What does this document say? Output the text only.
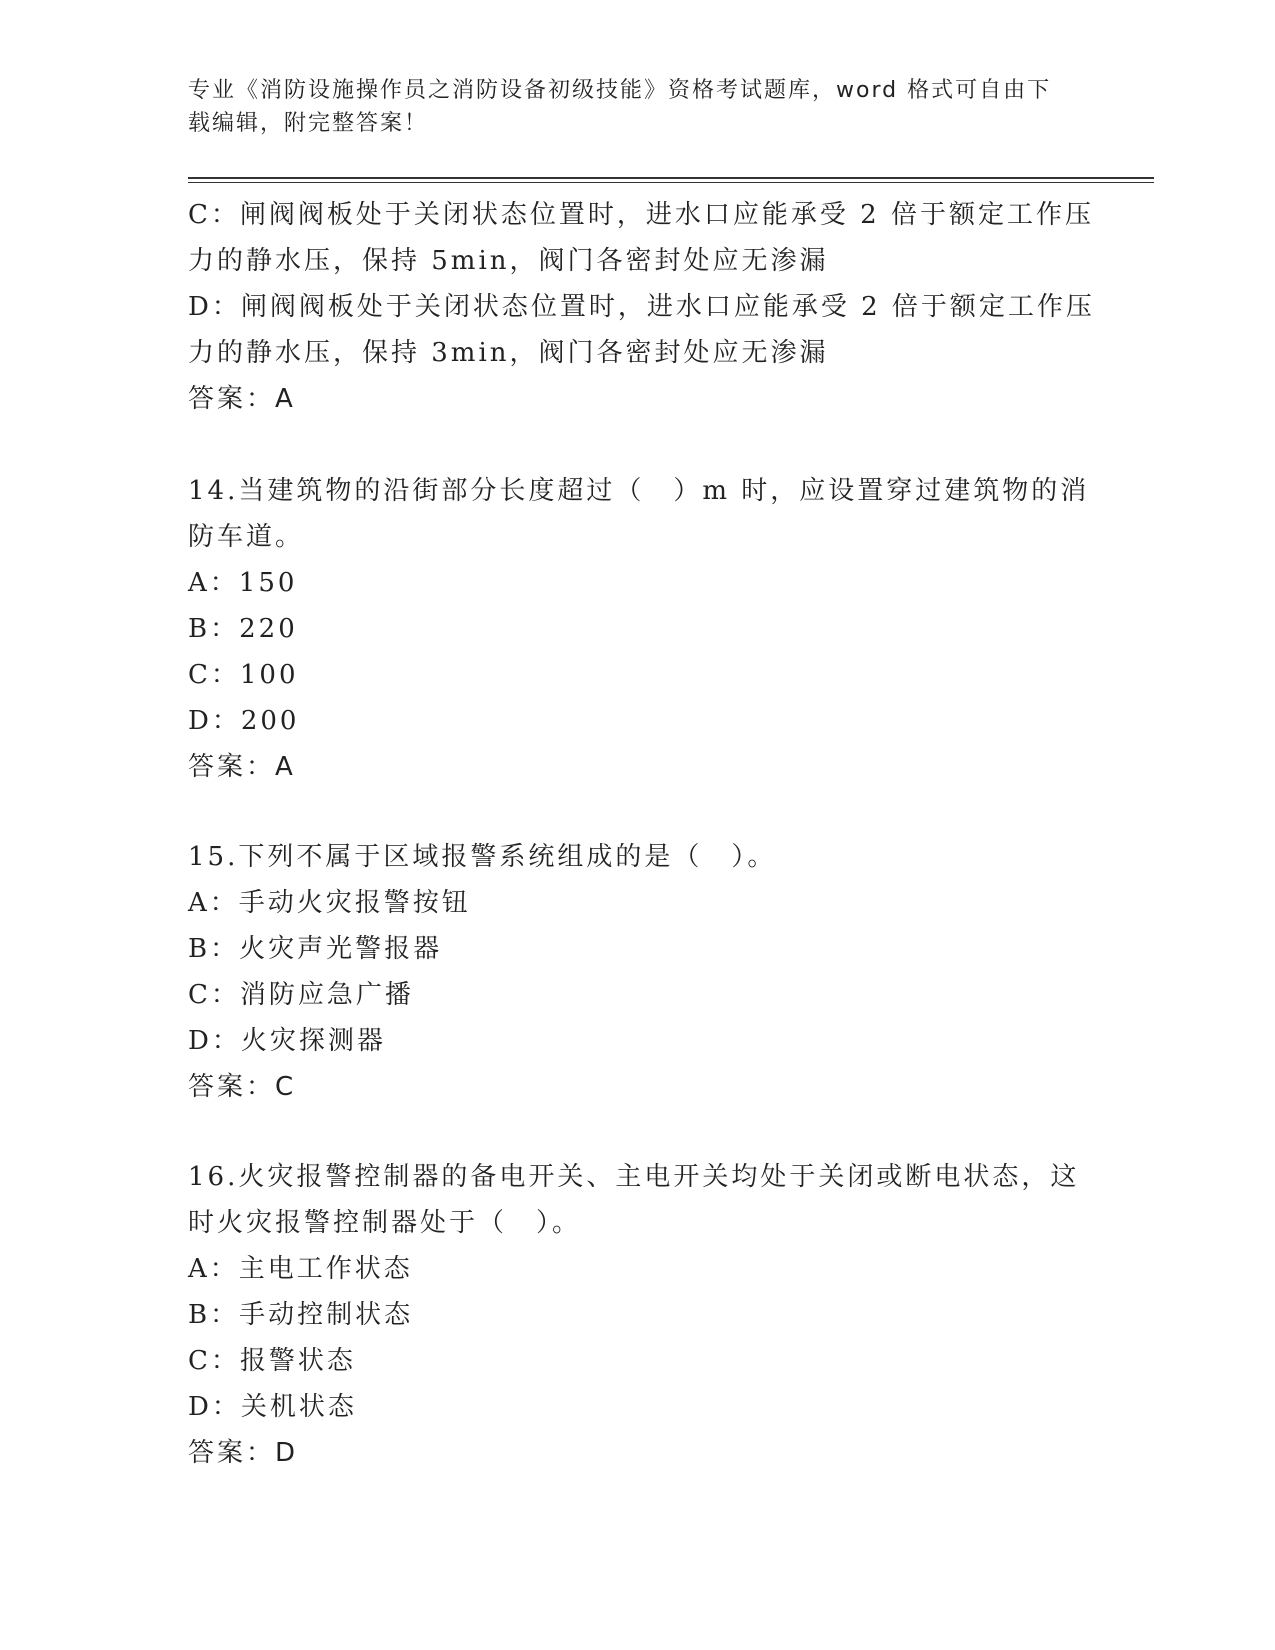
专业《消防设施操作员之消防设备初级技能》资格考试题库，word 格式可自由下
载编辑，附完整答案！
C：闸阀阀板处于关闭状态位置时，进水口应能承受 2 倍于额定工作压
力的静水压，保持 5min，阀门各密封处应无渗漏
D：闸阀阀板处于关闭状态位置时，进水口应能承受 2 倍于额定工作压
力的静水压，保持 3min，阀门各密封处应无渗漏
答案：A
14.当建筑物的沿街部分长度超过（　）m 时，应设置穿过建筑物的消
防车道。
A：150
B：220
C：100
D：200
答案：A
15.下列不属于区域报警系统组成的是（　）。
A：手动火灾报警按钮
B：火灾声光警报器
C：消防应急广播
D：火灾探测器
答案：C
16.火灾报警控制器的备电开关、主电开关均处于关闭或断电状态，这
时火灾报警控制器处于（　）。
A：主电工作状态
B：手动控制状态
C：报警状态
D：关机状态
答案：D
